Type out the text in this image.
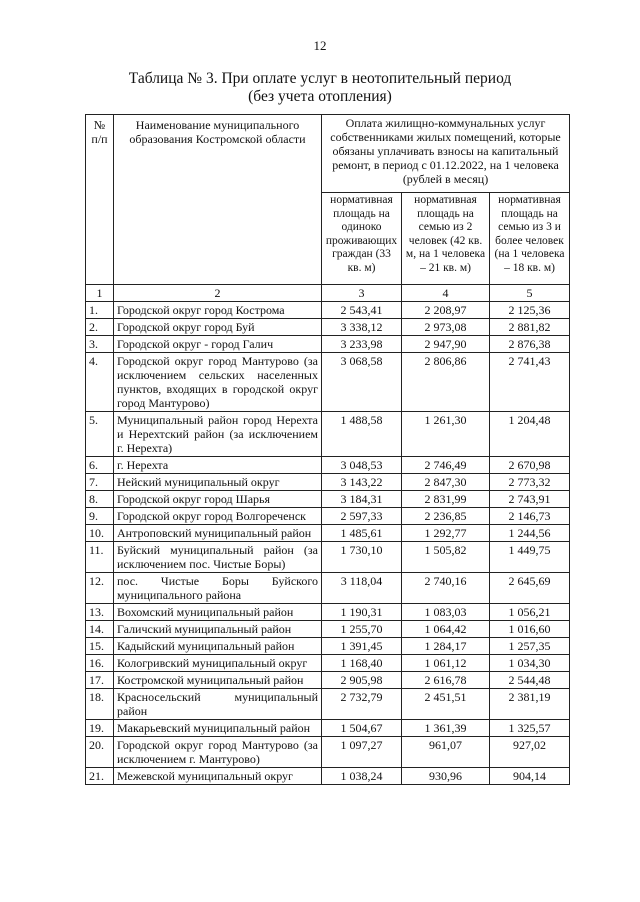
12
Таблица № 3. При оплате услуг в неотопительный период
(без учета отопления)
№ п/п	Наименование муниципального образования Костромской области	Оплата жилищно-коммунальных услуг собственниками жилых помещений, которые обязаны уплачивать взносы на капитальный ремонт, в период с 01.12.2022, на 1 человека (рублей в месяц)		
		нормативная площадь на одиноко проживающих граждан (33 кв. м)	нормативная площадь на семью из 2 человек (42 кв. м, на 1 человека – 21 кв. м)	нормативная площадь на семью из 3 и более человек (на 1 человека – 18 кв. м)
1	2	3	4	5
1.	Городской округ город Кострома	2 543,41	2 208,97	2 125,36
2.	Городской округ город Буй	3 338,12	2 973,08	2 881,82
3.	Городской округ - город Галич	3 233,98	2 947,90	2 876,38
4.	Городской округ город Мантурово (за исключением сельских населенных пунктов, входящих в городской округ город Мантурово)	3 068,58	2 806,86	2 741,43
5.	Муниципальный район город Нерехта и Нерехтский район (за исключением г. Нерехта)	1 488,58	1 261,30	1 204,48
6.	г. Нерехта	3 048,53	2 746,49	2 670,98
7.	Нейский муниципальный округ	3 143,22	2 847,30	2 773,32
8.	Городской округ город Шарья	3 184,31	2 831,99	2 743,91
9.	Городской округ город Волгореченск	2 597,33	2 236,85	2 146,73
10.	Антроповский муниципальный район	1 485,61	1 292,77	1 244,56
11.	Буйский муниципальный район (за исключением пос. Чистые Боры)	1 730,10	1 505,82	1 449,75
12.	пос. Чистые Боры Буйского муниципального района	3 118,04	2 740,16	2 645,69
13.	Вохомский муниципальный район	1 190,31	1 083,03	1 056,21
14.	Галичский муниципальный район	1 255,70	1 064,42	1 016,60
15.	Кадыйский муниципальный район	1 391,45	1 284,17	1 257,35
16.	Кологривский муниципальный округ	1 168,40	1 061,12	1 034,30
17.	Костромской муниципальный район	2 905,98	2 616,78	2 544,48
18.	Красносельский муниципальный район	2 732,79	2 451,51	2 381,19
19.	Макарьевский муниципальный район	1 504,67	1 361,39	1 325,57
20.	Городской округ город Мантурово (за исключением г. Мантурово)	1 097,27	961,07	927,02
21.	Межевской муниципальный округ	1 038,24	930,96	904,14
